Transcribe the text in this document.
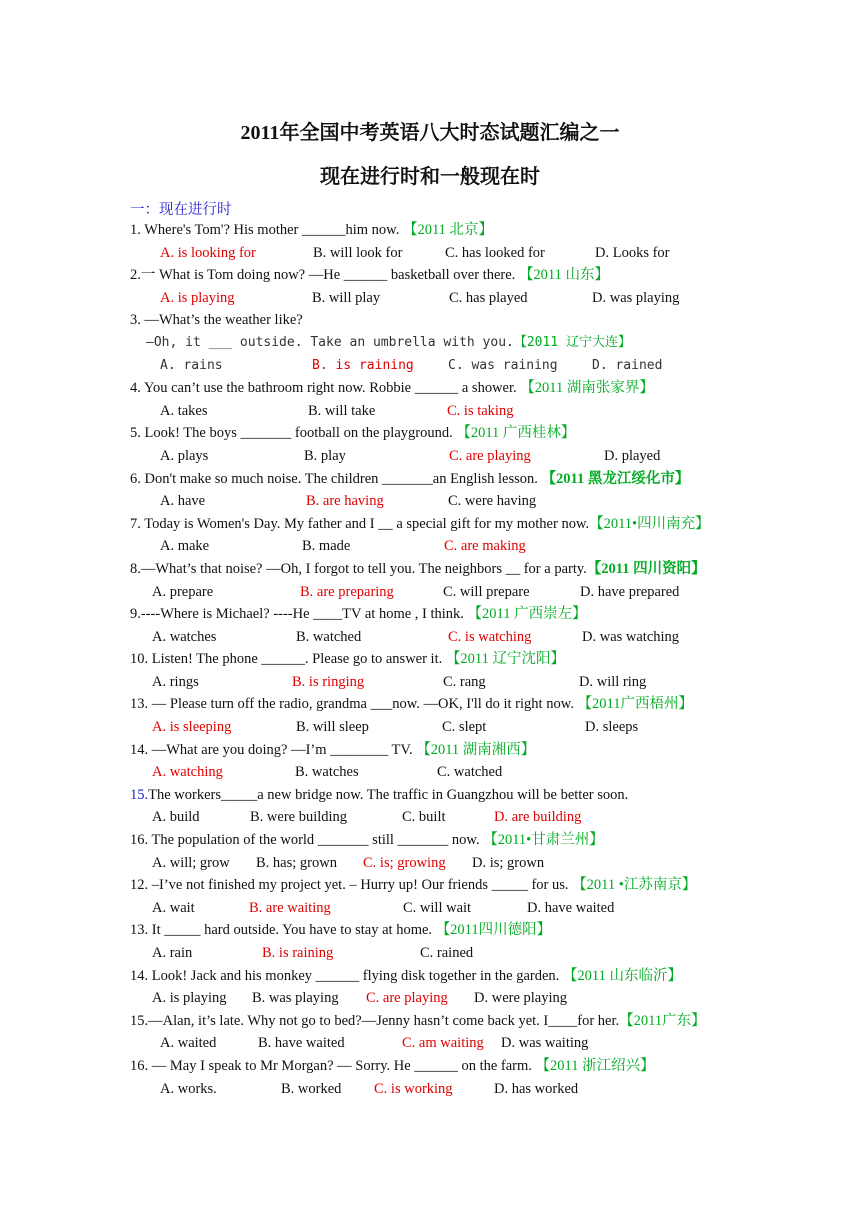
2011年全国中考英语八大时态试题汇编之一
现在进行时和一般现在时
一：现在进行时
1. Where's Tom'? His mother ______him now. 【2011 北京】
A. is looking for	B. will look for	C. has looked for	D. Looks for
2.一 What is Tom doing now? —He ______ basketball over there. 【2011 山东】
A. is playing	B. will play	C. has played	D. was playing
3. —What’s the weather like?
—Oh, it ___ outside. Take an umbrella with you.【2011 辽宁大连】
A. rains	B. is raining	C. was raining	D. rained
4. You can’t use the bathroom right now. Robbie ______ a shower. 【2011 湖南张家界】
A. takes	B. will take	C. is taking
5. Look! The boys _______ football on the playground. 【2011 广西桂林】
A. plays	B. play	C. are playing	D. played
6. Don't make so much noise. The children _______an English lesson. 【2011 黑龙江绥化市】
A. have	B. are having	C. were having
7. Today is Women's Day. My father and I __ a special gift for my mother now.【2011•四川南充】
A. make	B. made	C. are making
8.—What’s that noise? —Oh, I forgot to tell you. The neighbors __ for a party.【2011 四川资阳】
A. prepare	B. are preparing	C. will prepare	D. have prepared
9.----Where is Michael? ----He ____TV at home , I think. 【2011 广西崇左】
A. watches	B. watched	C. is watching	D. was watching
10. Listen! The phone ______. Please go to answer it. 【2011 辽宁沈阳】
A. rings	B. is ringing	C. rang	D. will ring
13. — Please turn off the radio, grandma ___now. —OK, I'll do it right now. 【2011广西梧州】
A. is sleeping	B. will sleep	C. slept	D. sleeps
14. —What are you doing? —I’m ________ TV. 【2011 湖南湘西】
A. watching	B. watches	C. watched
15.The workers_____a new bridge now. The traffic in Guangzhou will be better soon.
A. build	B. were building	C. built	D. are building
16. The population of the world _______ still _______ now. 【2011•甘肃兰州】
A. will; grow B. has; grown C. is; growing D. is; grown
12. –I’ve not finished my project yet. – Hurry up! Our friends _____ for us. 【2011 •江苏南京】
A. wait	B. are waiting	C. will wait	D. have waited
13. It _____ hard outside. You have to stay at home. 【2011四川德阳】
A. rain	B. is raining	C. rained
14. Look! Jack and his monkey ______ flying disk together in the garden. 【2011 山东临沂】
A. is playing B. was playing C. are playing D. were playing
15.—Alan, it’s late. Why not go to bed?—Jenny hasn’t come back yet. I____for her.【2011广东】
A. waited	B. have waited	C. am waiting D. was waiting
16. — May I speak to Mr Morgan? — Sorry. He ______ on the farm. 【2011 浙江绍兴】
A. works.	B. worked C. is working	D. has worked
